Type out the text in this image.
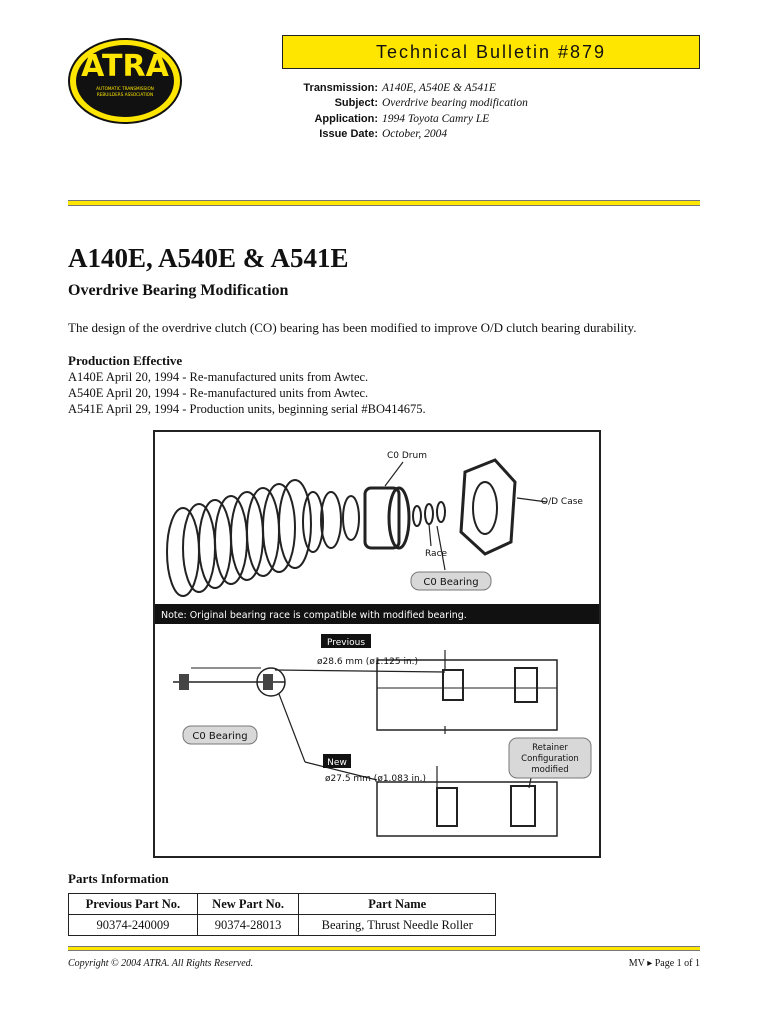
ATRA
AUTOMATIC TRANSMISSION
REBUILDERS ASSOCIATION
Technical Bulletin #879
Transmission: A140E, A540E & A541E
Subject: Overdrive bearing modification
Application: 1994 Toyota Camry LE
Issue Date: October, 2004
A140E, A540E & A541E
Overdrive Bearing Modification
The design of the overdrive clutch (CO) bearing has been modified to improve O/D clutch bearing durability.
Production Effective
A140E April 20, 1994 - Re-manufactured units from Awtec.
A540E April 20, 1994 - Re-manufactured units from Awtec.
A541E April 29, 1994 - Production units, beginning serial #BO414675.
C0 Drum
O/D Case
Race
C0 Bearing
Note: Original bearing race is compatible with modified bearing.
Previous
ø28.6 mm (ø1.125 in.)
C0 Bearing
New
ø27.5 mm (ø1.083 in.)
Retainer
Configuration
modified
Parts Information
Previous Part No.	New Part No.	Part Name
90374-240009	90374-28013	Bearing, Thrust Needle Roller
Copyright © 2004 ATRA. All Rights Reserved.	MV ▸ Page 1 of 1
